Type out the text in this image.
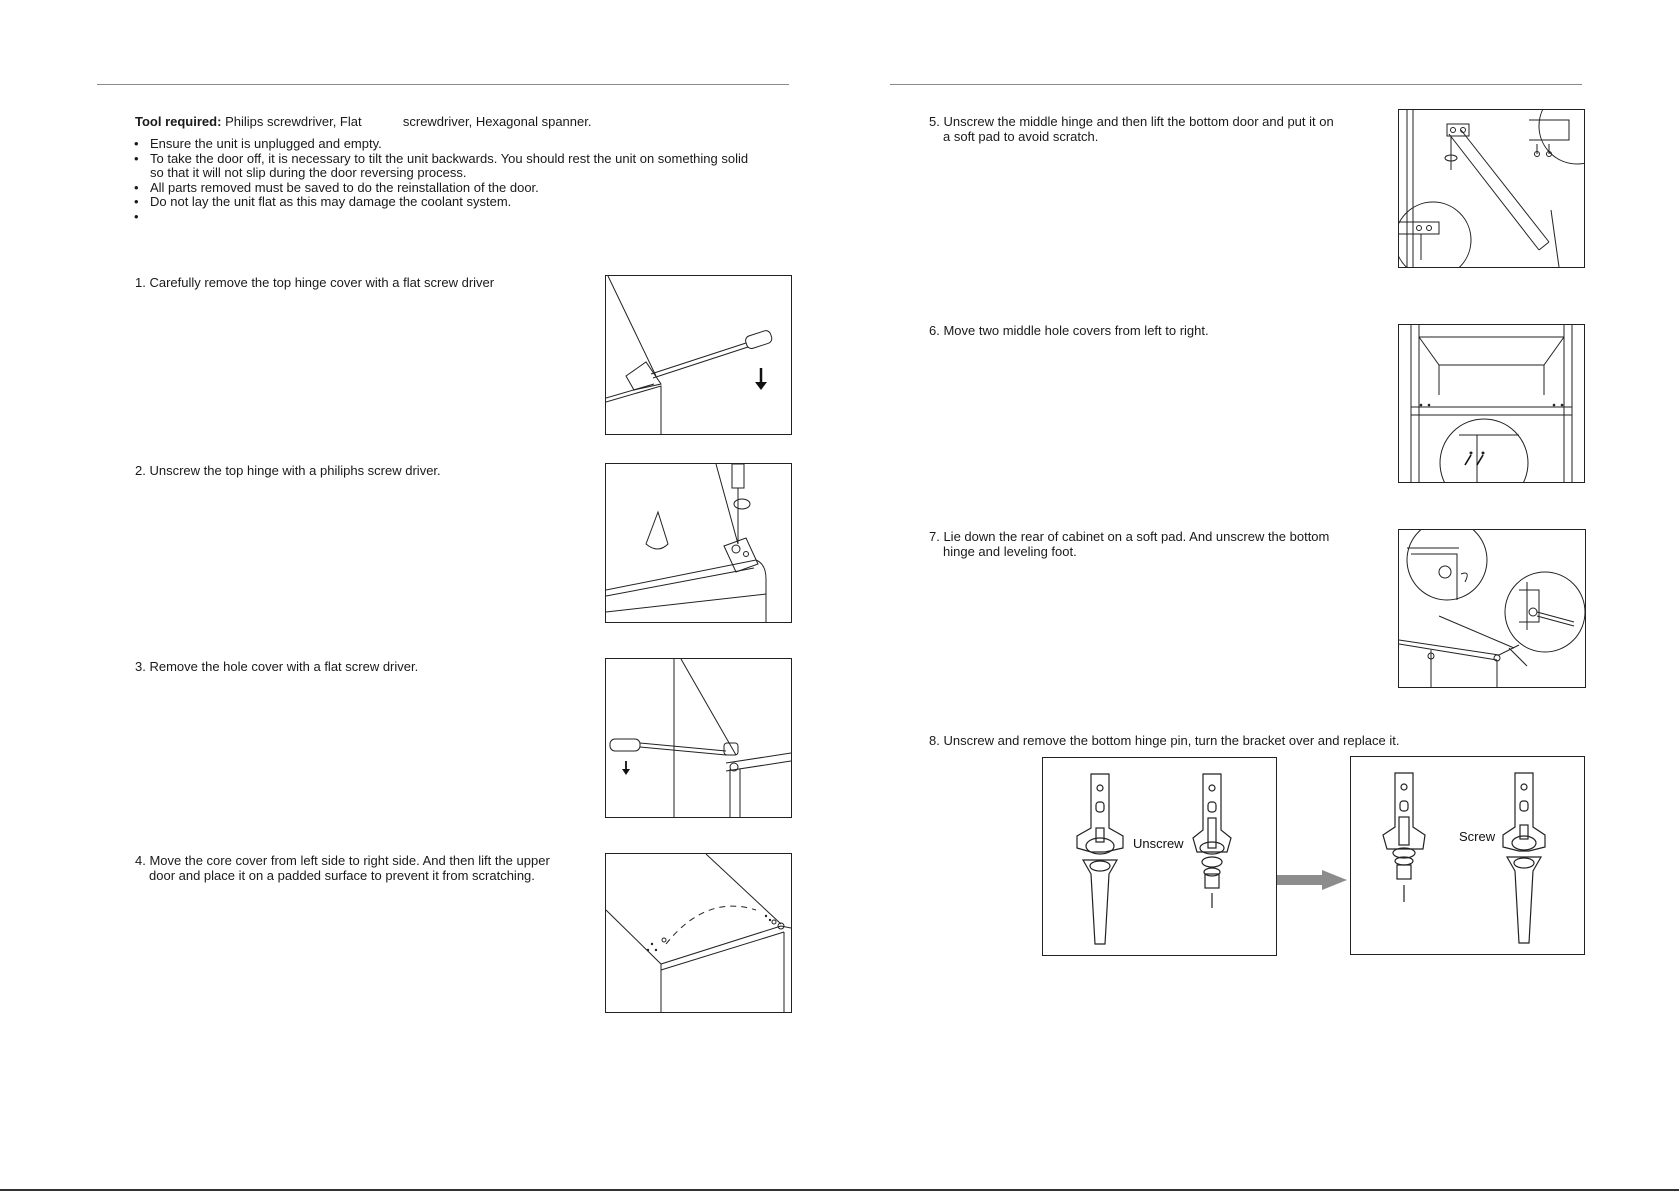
Tool required: Philips screwdriver, Flat	screwdriver, Hexagonal spanner.
• Ensure the unit is unplugged and empty.
• To take the door off, it is necessary to tilt the unit backwards. You should rest the unit on something solid
so that it will not slip during the door reversing process.
• All parts removed must be saved to do the reinstallation of the door.
• Do not lay the unit flat as this may damage the coolant system.
•
1. Carefully remove the top hinge cover with a flat screw driver
2. Unscrew the top hinge with a philiphs screw driver.
3. Remove the hole cover with a flat screw driver.
4. Move the core cover from left side to right side. And then lift the upper
door and place it on a padded surface to prevent it from scratching.
5. Unscrew the middle hinge and then lift the bottom door and put it on
a soft pad to avoid scratch.
6. Move two middle hole covers from left to right.
7. Lie down the rear of cabinet on a soft pad. And unscrew the bottom
hinge and leveling foot.
8. Unscrew and remove the bottom hinge pin, turn the bracket over and replace it.
Unscrew	Screw
